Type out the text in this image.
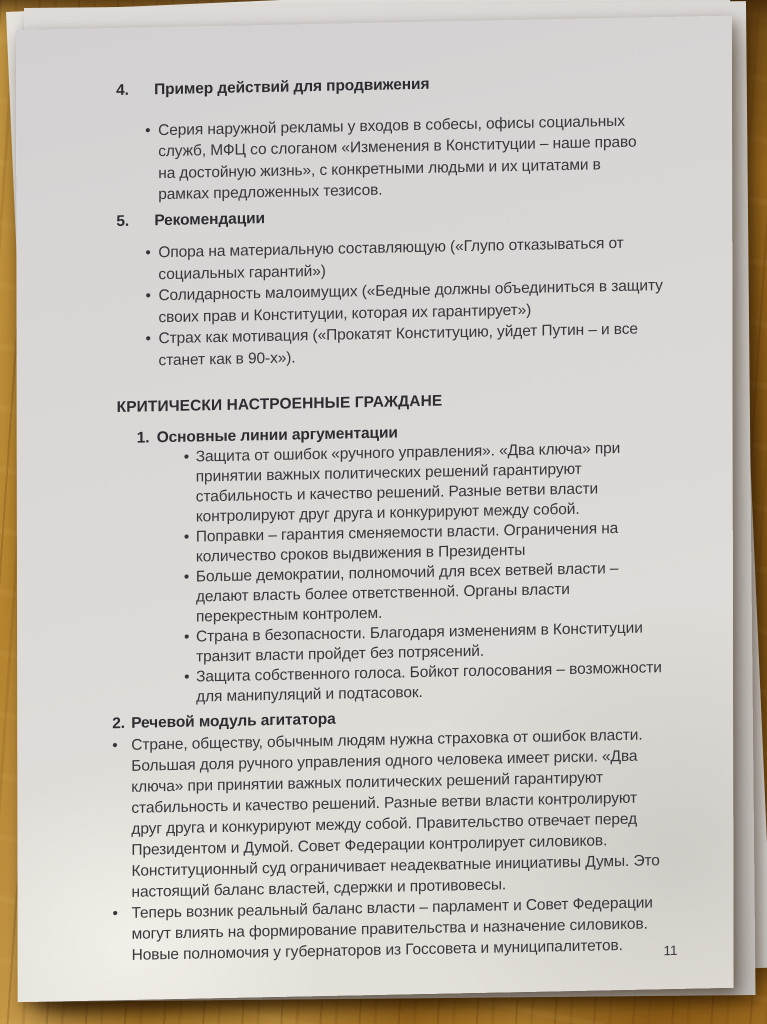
4.	Пример действий для продвижения
• Серия наружной рекламы у входов в собесы, офисы социальных служб, МФЦ со слоганом «Изменения в Конституции – наше право на достойную жизнь», с конкретными людьми и их цитатами в рамках предложенных тезисов.
5.	Рекомендации
• Опора на материальную составляющую («Глупо отказываться от социальных гарантий»)
• Солидарность малоимущих («Бедные должны объединиться в защиту своих прав и Конституции, которая их гарантирует»)
• Страх как мотивация («Прокатят Конституцию, уйдет Путин – и все станет как в 90-х»).
КРИТИЧЕСКИ НАСТРОЕННЫЕ ГРАЖДАНЕ
1. Основные линии аргументации
• Защита от ошибок «ручного управления». «Два ключа» при принятии важных политических решений гарантируют стабильность и качество решений. Разные ветви власти контролируют друг друга и конкурируют между собой.
• Поправки – гарантия сменяемости власти. Ограничения на количество сроков выдвижения в Президенты
• Больше демократии, полномочий для всех ветвей власти – делают власть более ответственной. Органы власти перекрестным контролем.
• Страна в безопасности. Благодаря изменениям в Конституции транзит власти пройдет без потрясений.
• Защита собственного голоса. Бойкот голосования – возможности для манипуляций и подтасовок.
2. Речевой модуль агитатора
• Стране, обществу, обычным людям нужна страховка от ошибок власти. Большая доля ручного управления одного человека имеет риски. «Два ключа» при принятии важных политических решений гарантируют стабильность и качество решений. Разные ветви власти контролируют друг друга и конкурируют между собой. Правительство отвечает перед Президентом и Думой. Совет Федерации контролирует силовиков. Конституционный суд ограничивает неадекватные инициативы Думы. Это настоящий баланс властей, сдержки и противовесы.
• Теперь возник реальный баланс власти – парламент и Совет Федерации могут влиять на формирование правительства и назначение силовиков. Новые полномочия у губернаторов из Госсовета и муниципалитетов.	11
